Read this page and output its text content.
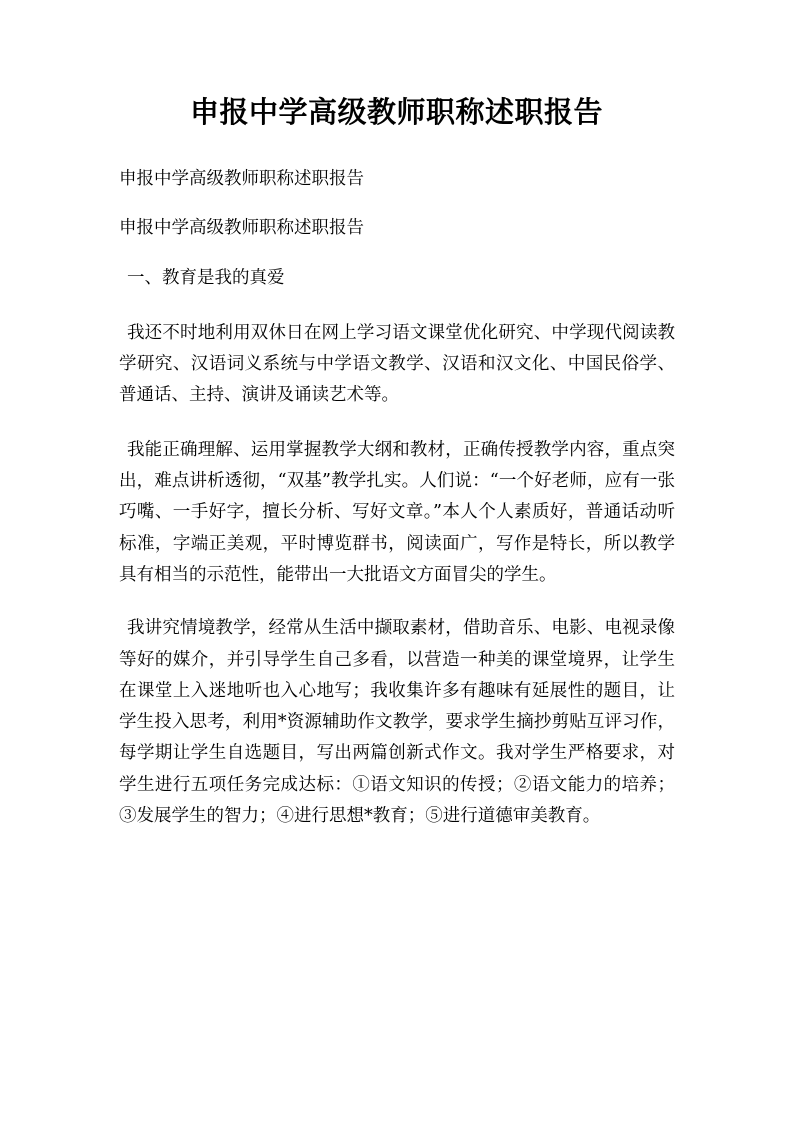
申报中学高级教师职称述职报告

申报中学高级教师职称述职报告

申报中学高级教师职称述职报告

一、教育是我的真爱

我还不时地利用双休日在网上学习语文课堂优化研究、中学现代阅读教学研究、汉语词义系统与中学语文教学、汉语和汉文化、中国民俗学、普通话、主持、演讲及诵读艺术等。

我能正确理解、运用掌握教学大纲和教材，正确传授教学内容，重点突出，难点讲析透彻，“双基”教学扎实。人们说：“一个好老师，应有一张巧嘴、一手好字，擅长分析、写好文章。”本人个人素质好，普通话动听标准，字端正美观，平时博览群书，阅读面广，写作是特长，所以教学具有相当的示范性，能带出一大批语文方面冒尖的学生。

我讲究情境教学，经常从生活中撷取素材，借助音乐、电影、电视录像等好的媒介，并引导学生自己多看，以营造一种美的课堂境界，让学生在课堂上入迷地听也入心地写；我收集许多有趣味有延展性的题目，让学生投入思考，利用*资源辅助作文教学，要求学生摘抄剪贴互评习作，每学期让学生自选题目，写出两篇创新式作文。我对学生严格要求，对学生进行五项任务完成达标：①语文知识的传授；②语文能力的培养；③发展学生的智力；④进行思想*教育；⑤进行道德审美教育。
